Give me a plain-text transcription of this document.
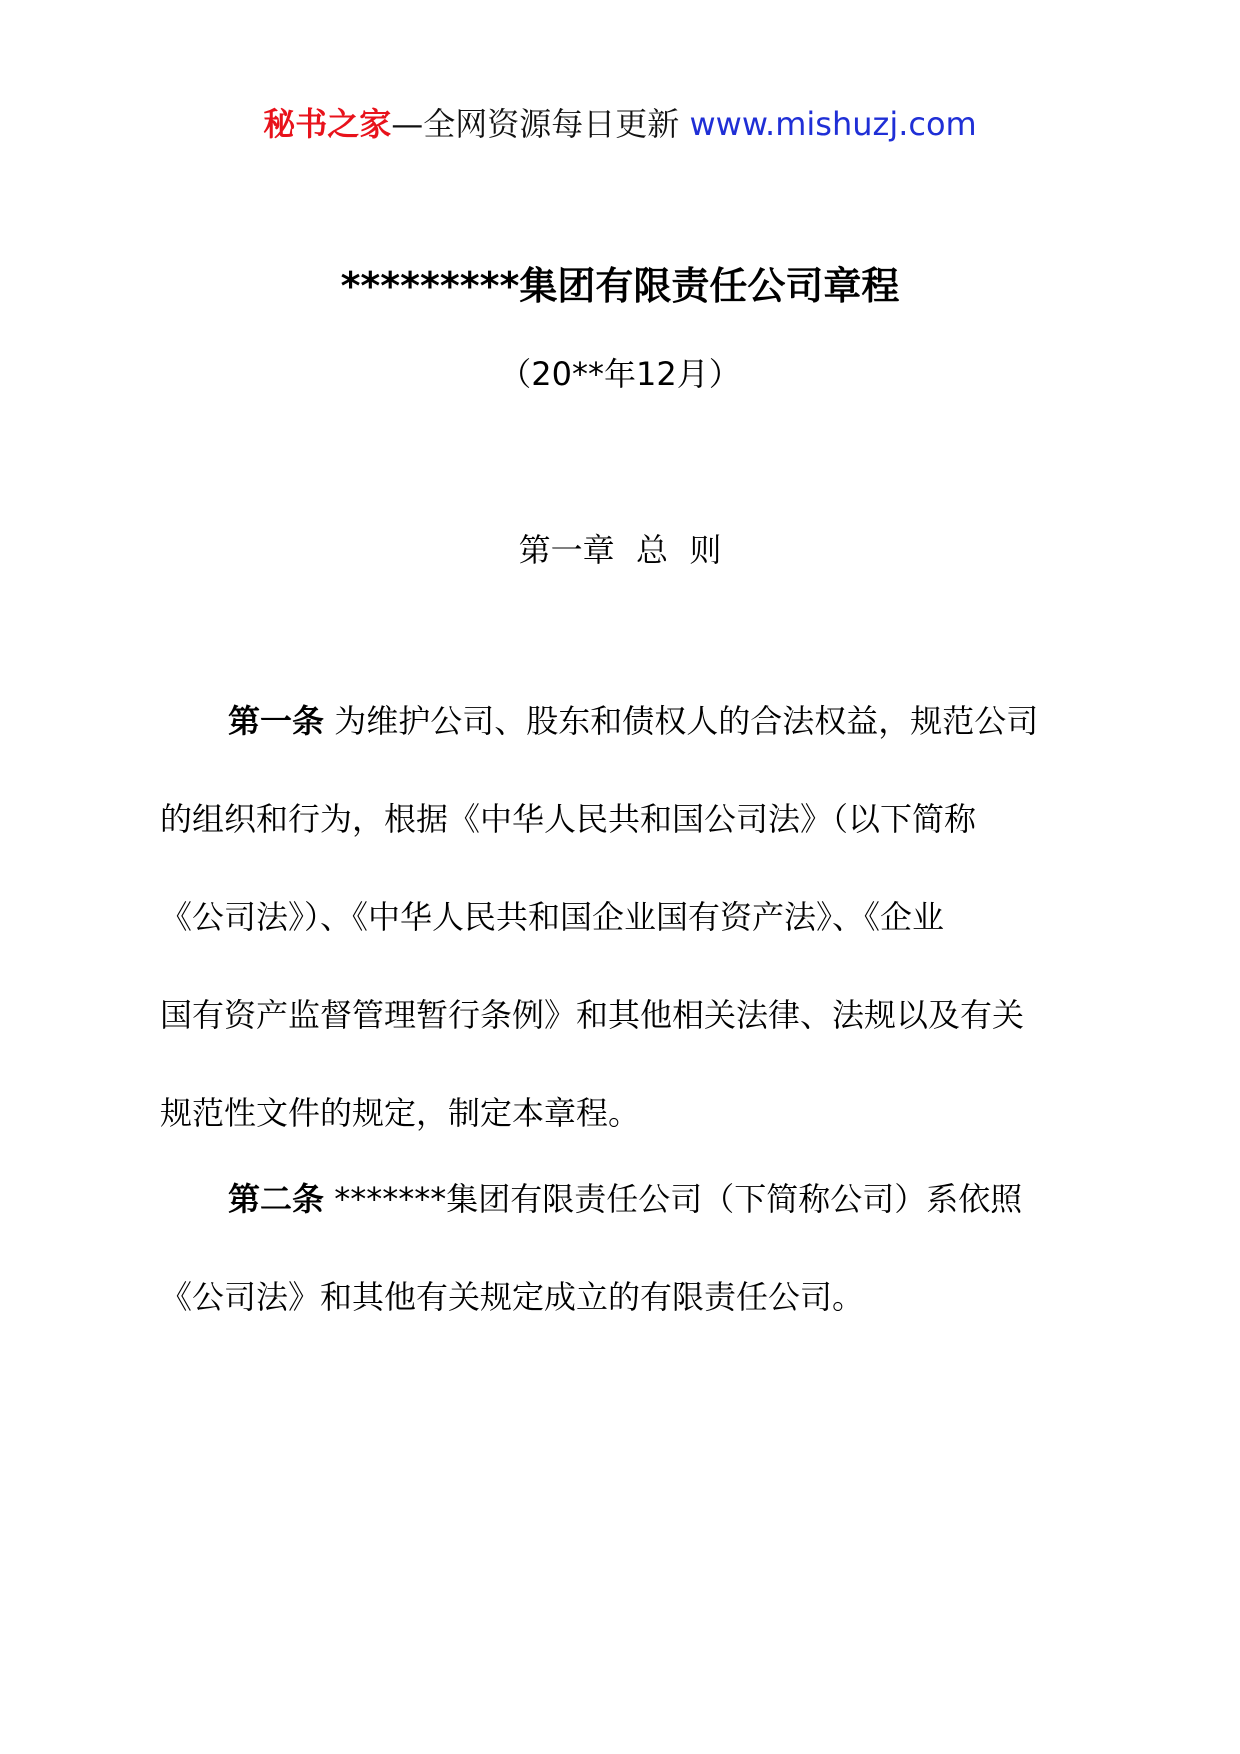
秘书之家—全网资源每日更新 www.mishuzj.com
*********集团有限责任公司章程
（20**年12月）
第一章 总 则
第一条 为维护公司、股东和债权人的合法权益，规范公司
的组织和行为，根据《中华人民共和国公司法》（以下简称
《公司法》）、《中华人民共和国企业国有资产法》、《企业
国有资产监督管理暂行条例》和其他相关法律、法规以及有关
规范性文件的规定，制定本章程。
第二条 *******集团有限责任公司（下简称公司）系依照
《公司法》和其他有关规定成立的有限责任公司。
